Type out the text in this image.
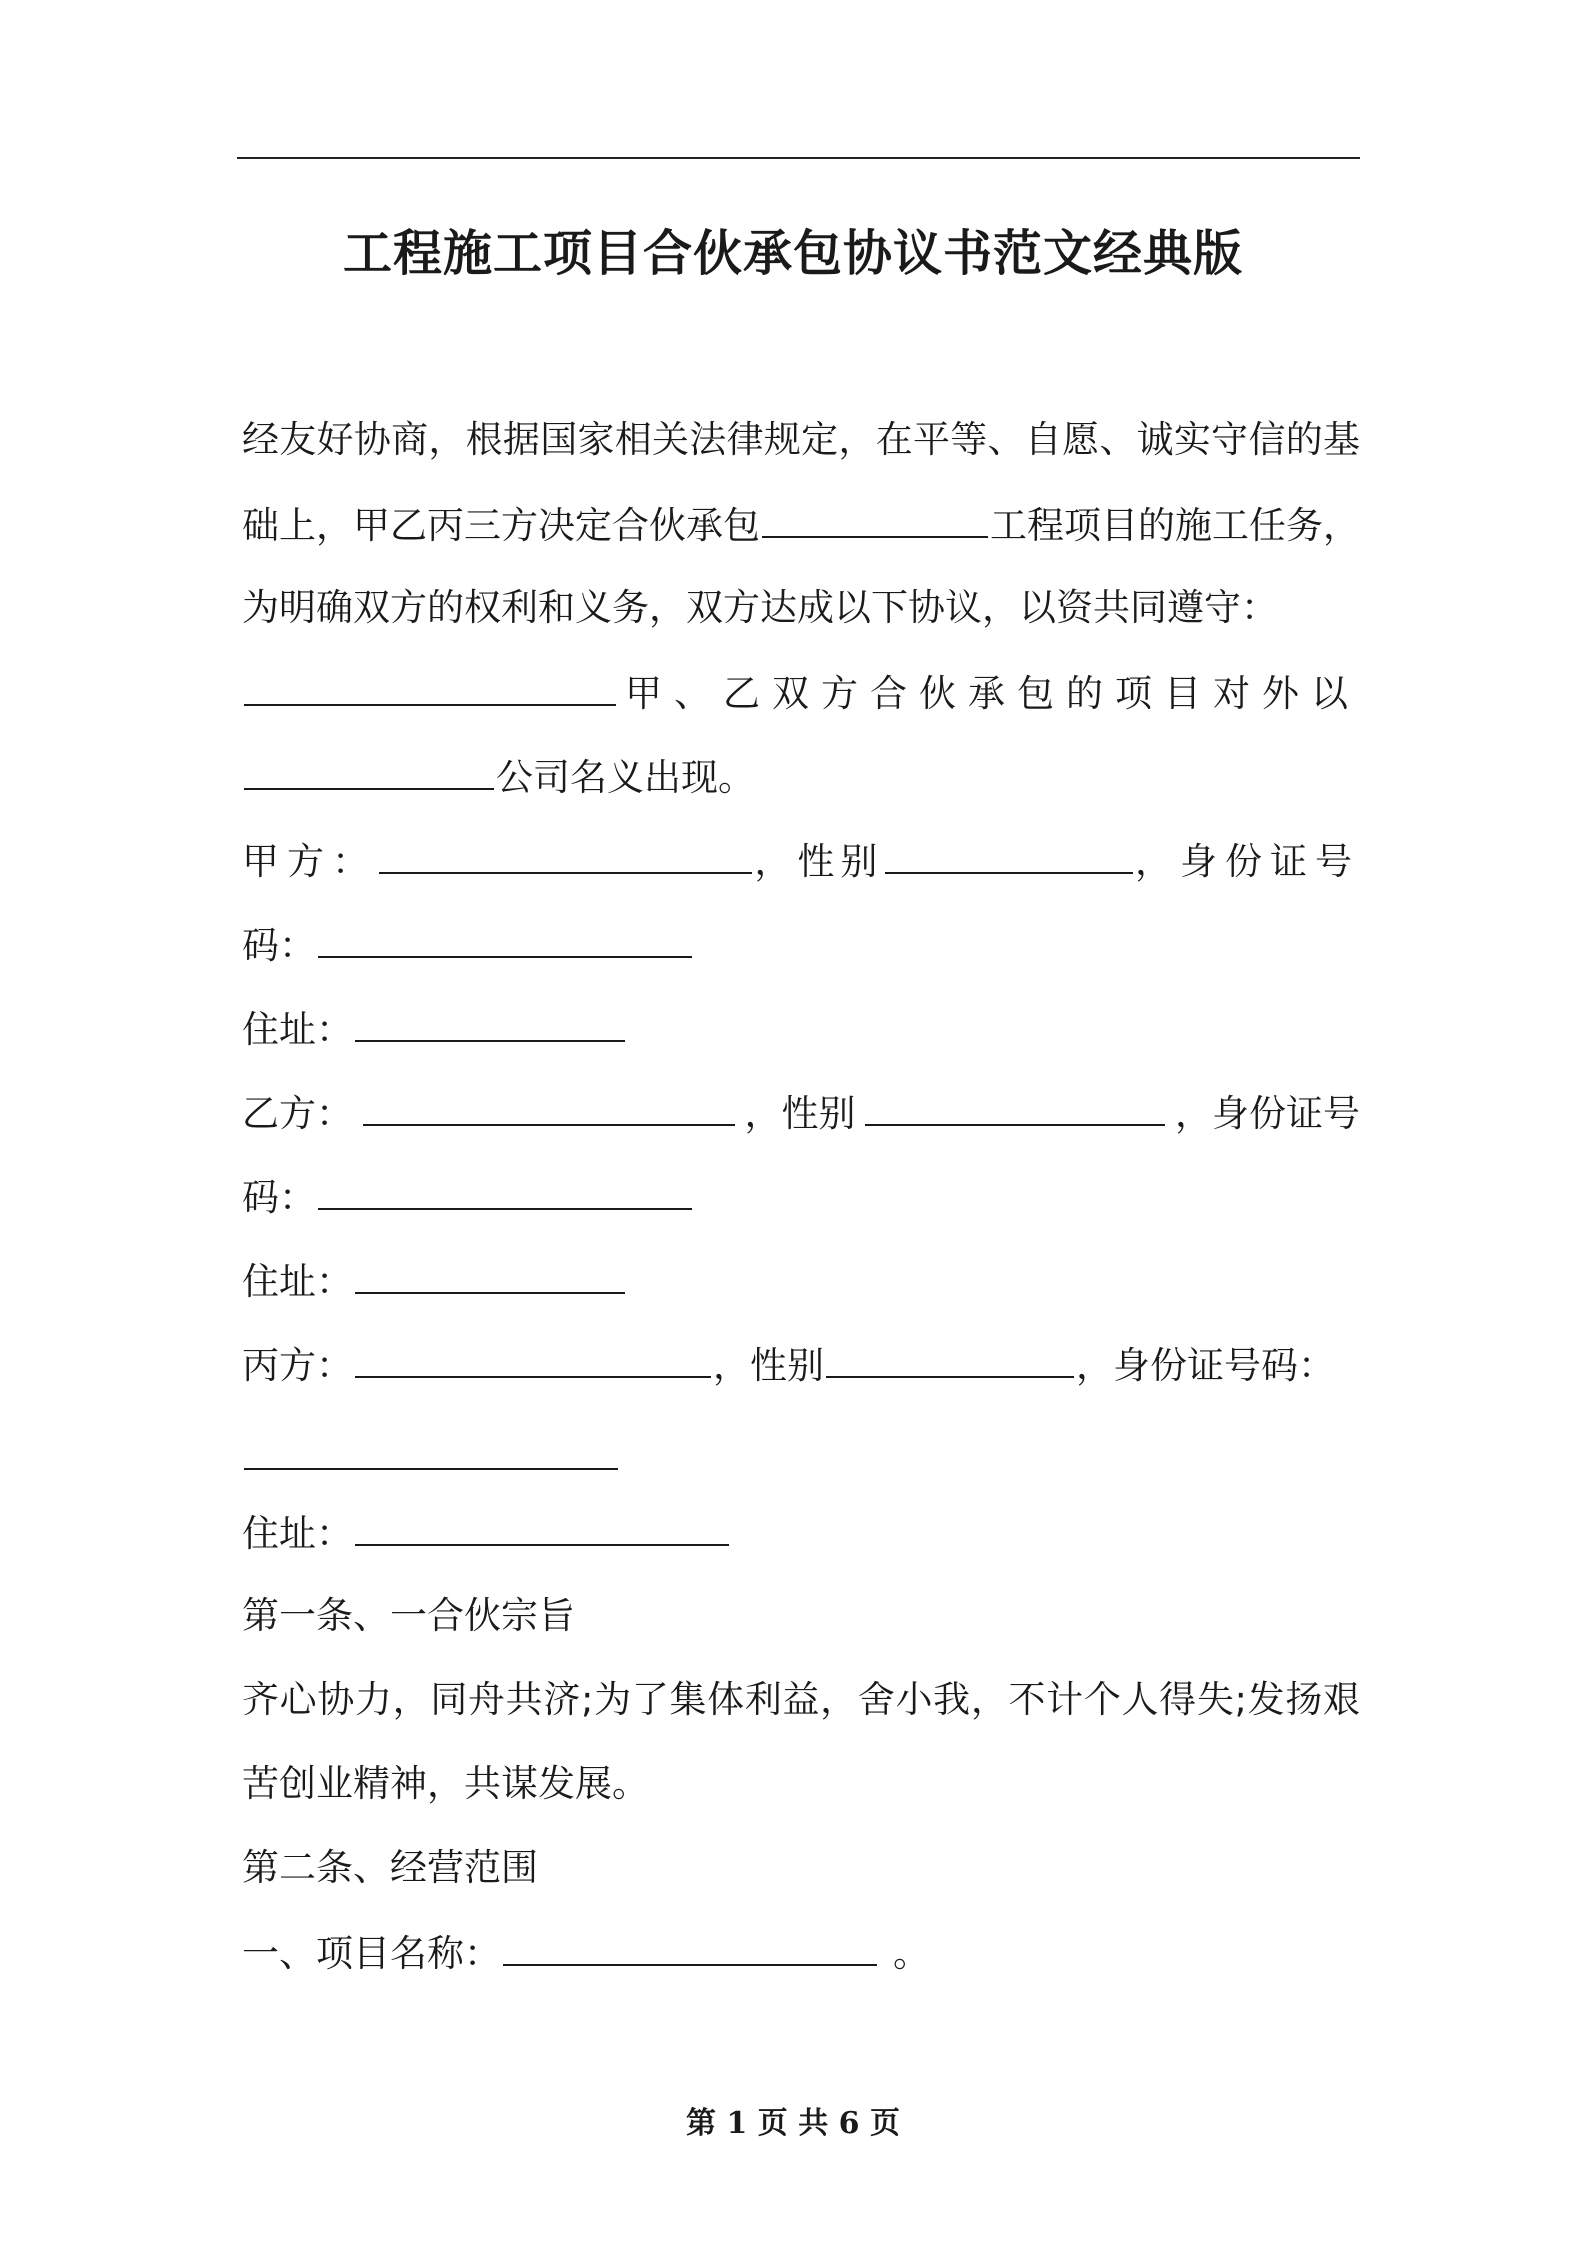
工程施工项目合伙承包协议书范文经典版
经友好协商，根据国家相关法律规定，在平等、自愿、诚实守信的基
础上，甲乙丙三方决定合伙承包	工程项目的施工任务，
为明确双方的权利和义务，双方达成以下协议，以资共同遵守：
甲、乙双方合伙承包的项目对外以
公司名义出现。
甲方：	，性别	，身份证号
码：
住址：
乙方：	，性别	，身份证号
码：
住址：
丙方：	，性别	，身份证号码：
住址：
第一条、一合伙宗旨
齐心协力，同舟共济;为了集体利益，舍小我，不计个人得失;发扬艰
苦创业精神，共谋发展。
第二条、经营范围
一、项目名称：	。
第 1 页 共 6 页
